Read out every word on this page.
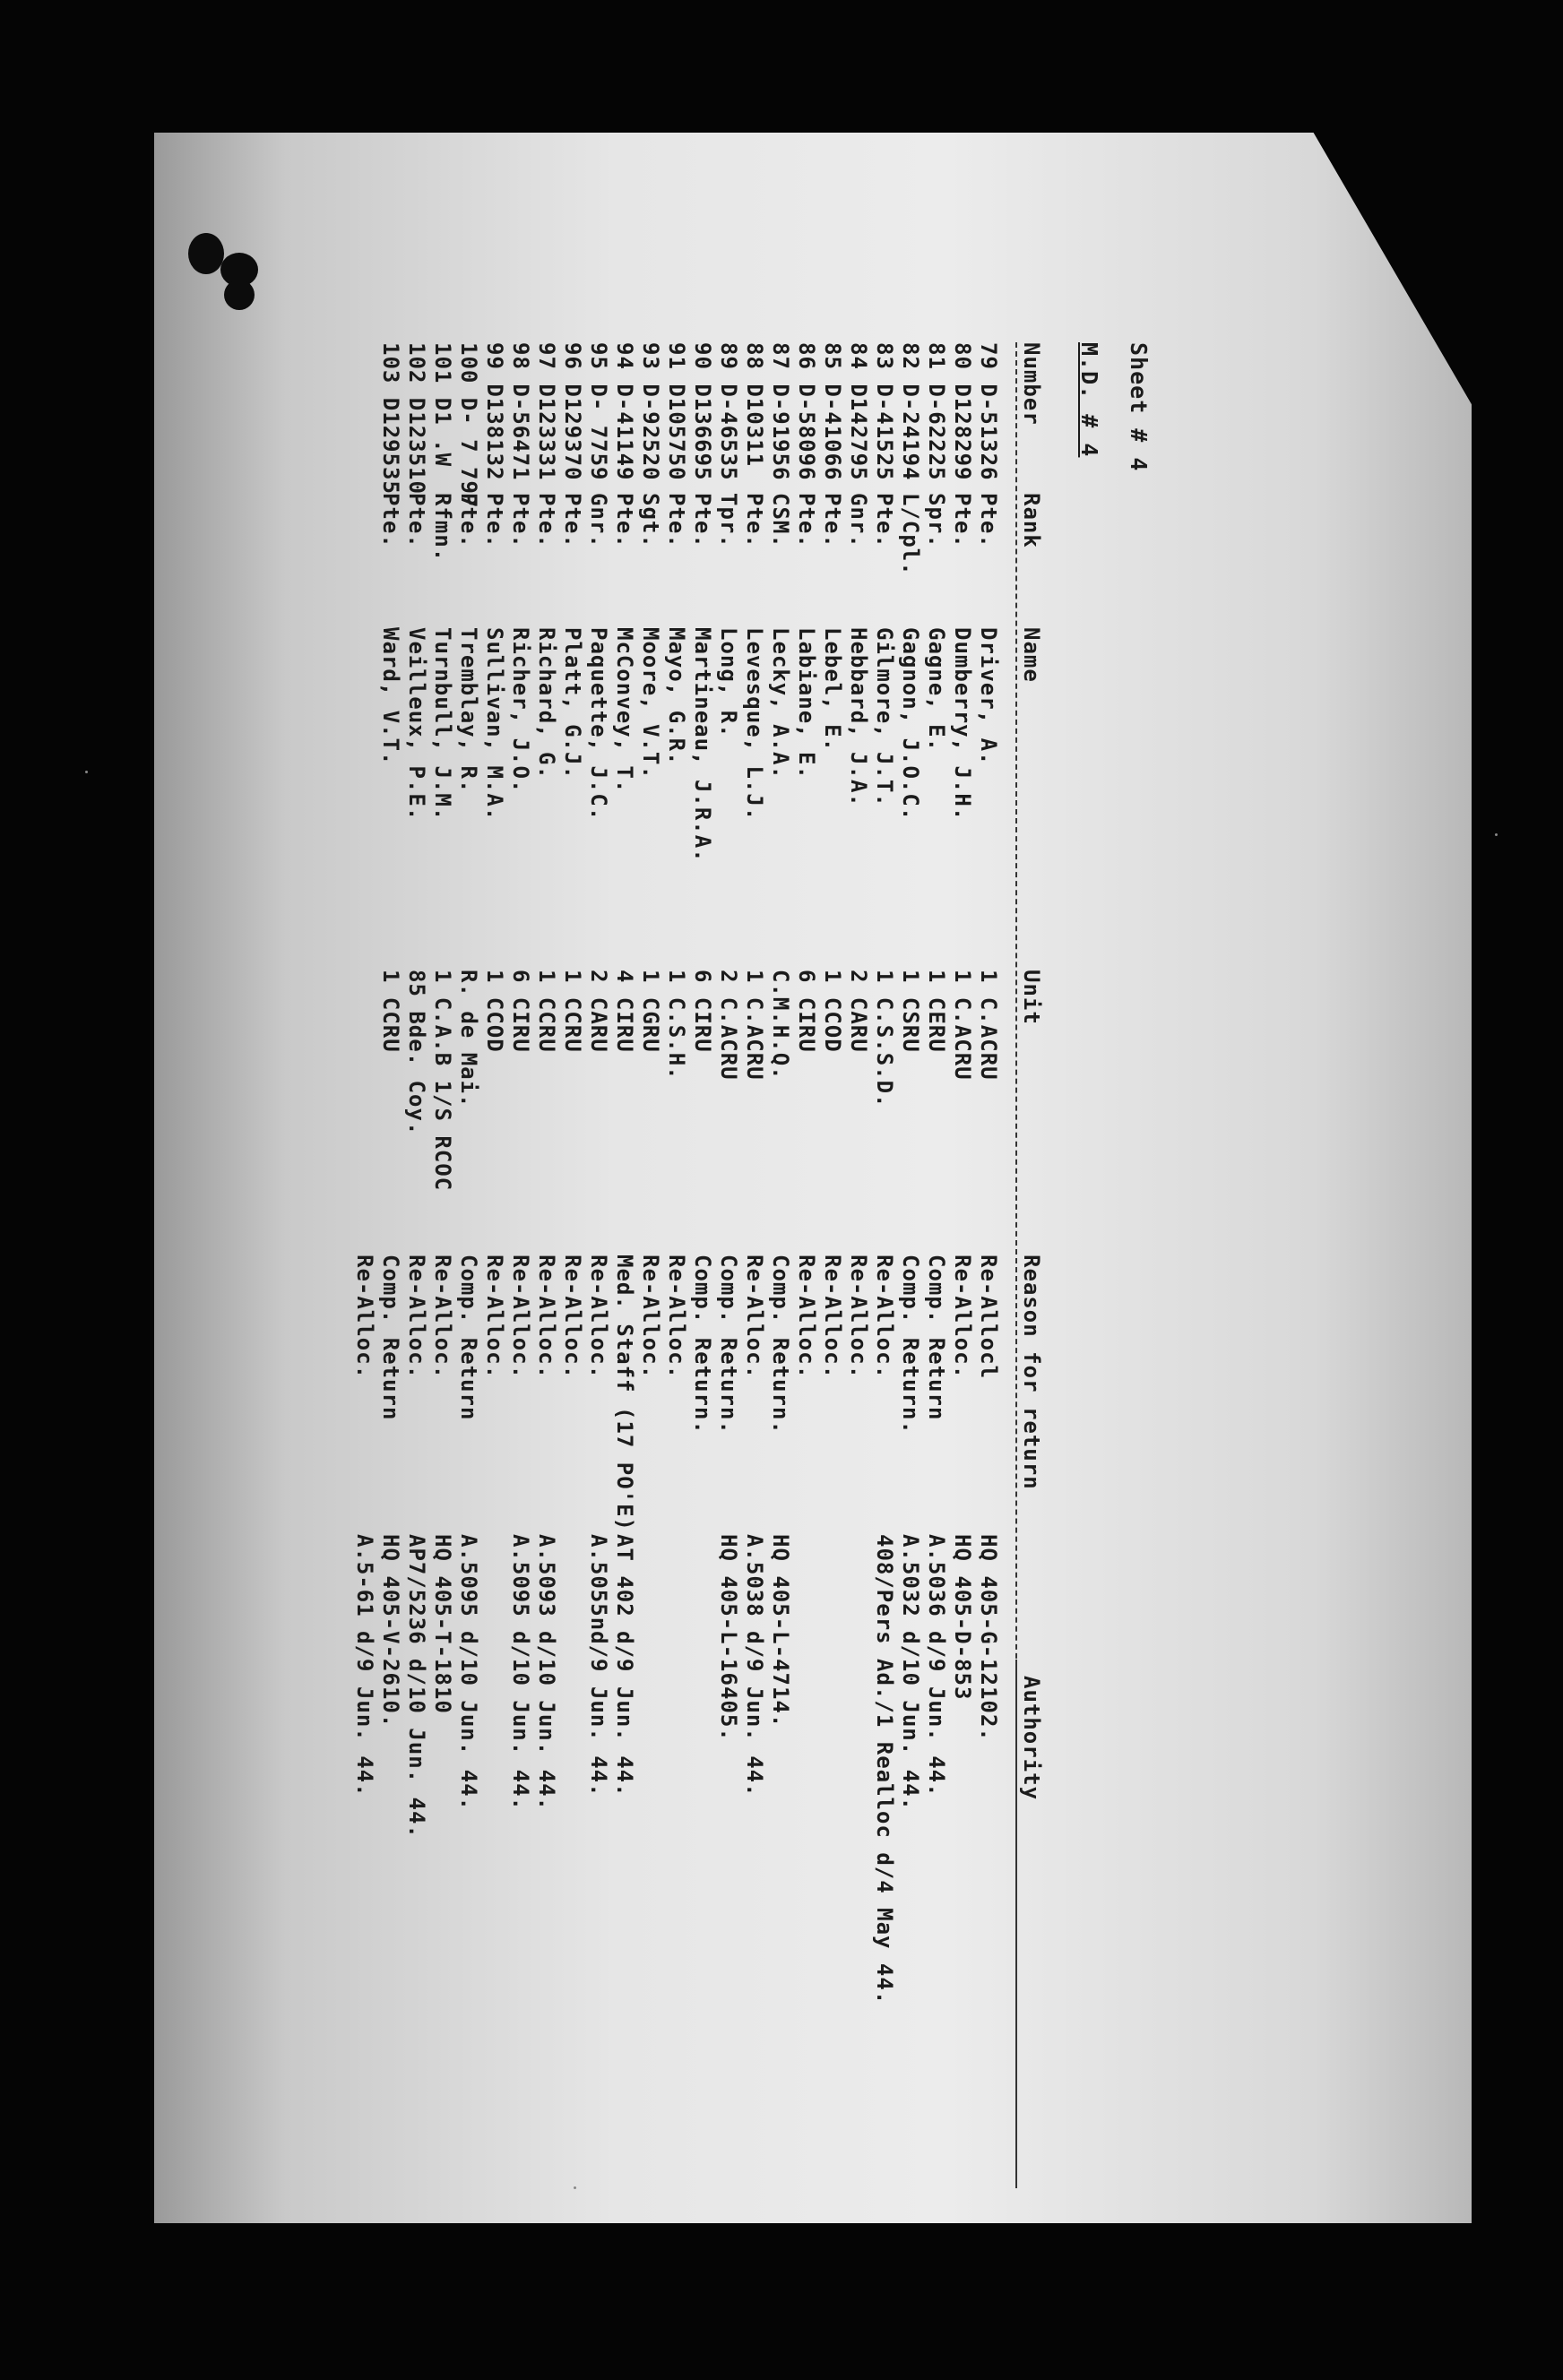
Sheet # 4
M.D. # 4
Number
Rank
Name
Unit
Reason for return
Authority
79 D-51326
Pte.
Driver, A.
1 C.ACRU
Re-Allocl
HQ 405-G-12102.
80 D128299
Pte.
Dumberry, J.H.
1 C.ACRU
Re-Alloc.
HQ 405-D-853
81 D-62225
Spr.
Gagne, E.
1 CERU
Comp. Return
A.5036 d/9 Jun. 44.
82 D-24194
L/Cpl.
Gagnon, J.O.C.
1 CSRU
Comp. Return.
A.5032 d/10 Jun. 44.
83 D-41525
Pte.
Gilmore, J.T.
1 C.S.S.D.
Re-Alloc.
408/Pers Ad./1 Realloc d/4 May 44.
84 D142795
Gnr.
Hebbard, J.A.
2 CARU
Re-Alloc.
85 D-41066
Pte.
Lebel, E.
1 CCOD
Re-Alloc.
86 D-58096
Pte.
Labiane, E.
6 CIRU
Re-Alloc.
87 D-91956
CSM.
Lecky, A.A.
C.M.H.Q.
Comp. Return.
HQ 405-L-4714.
88 D10311
Pte.
Levesque, L.J.
1 C.ACRU
Re-Alloc.
A.5038 d/9 Jun. 44.
89 D-46535
Tpr.
Long, R.
2 C.ACRU
Comp. Return.
HQ 405-L-16405.
90 D136695
Pte.
Martineau, J.R.A.
6 CIRU
Comp. Return.
91 D105750
Pte.
Mayo, G.R.
1 C.S.H.
Re-Alloc.
93 D-92520
Sgt.
Moore, V.T.
1 CGRU
Re-Alloc.
94 D-41149
Pte.
McConvey, T.
4 CIRU
Med. Staff (17 PO'E)
AT 402 d/9 Jun. 44.
95 D- 7759
Gnr.
Paquette, J.C.
2 CARU
Re-Alloc.
A.5055nd/9 Jun. 44.
96 D129370
Pte.
Platt, G.J.
1 CCRU
Re-Alloc.
97 D123331
Pte.
Richard, G.
1 CCRU
Re-Alloc.
A.5093 d/10 Jun. 44.
98 D-56471
Pte.
Richer, J.O.
6 CIRU
Re-Alloc.
A.5095 d/10 Jun. 44.
99 D138132
Pte.
Sullivan, M.A.
1 CCOD
Re-Alloc.
100 D- 7 797
Pte.
Tremblay, R.
R. de Mai.
Comp. Return
A.5095 d/10 Jun. 44.
101 D1 .W
Rfmn.
Turnbull, J.M.
1 C.A.B 1/S RCOC
Re-Alloc.
HQ 405-T-1810
102 D123510
Pte.
Veilleux, P.E.
85 Bde. Coy.
Re-Alloc.
AP7/5236 d/10 Jun. 44.
103 D129535
Pte.
Ward, V.T.
1 CCRU
Comp. Return
HQ 405-V-2610.
Re-Alloc.
A.5-61 d/9 Jun. 44.
